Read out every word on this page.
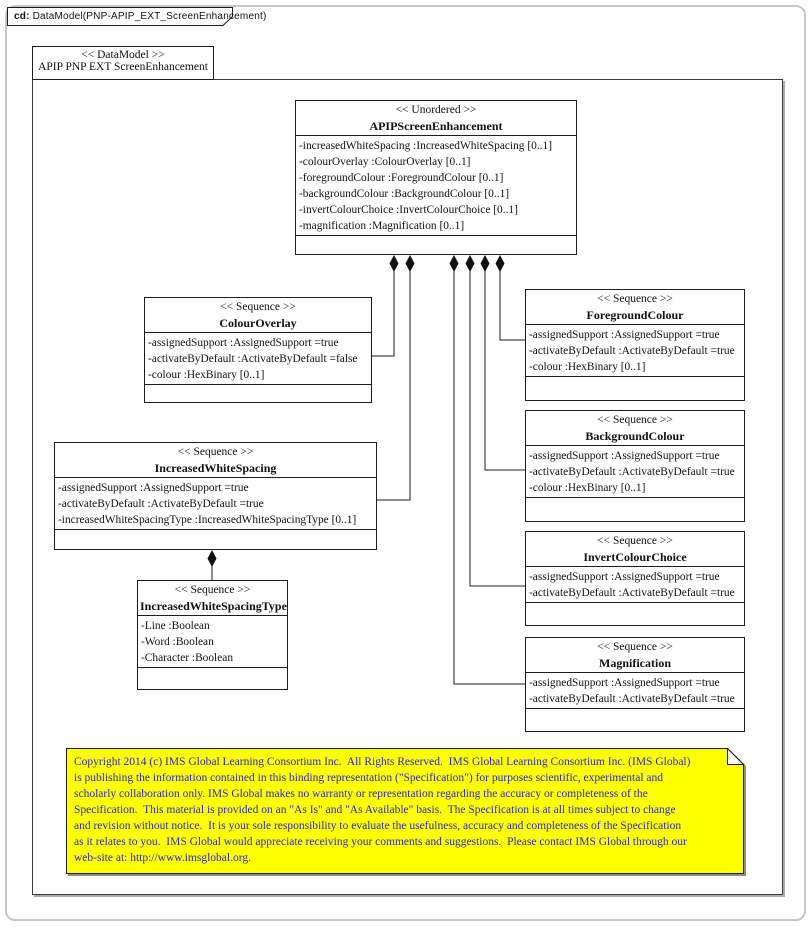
cd: DataModel(PNP-APIP_EXT_ScreenEnhancement)
<< DataModel >>
APIP PNP EXT ScreenEnhancement
<< Unordered >>
APIPScreenEnhancement
-increasedWhiteSpacing :IncreasedWhiteSpacing [0..1]
-colourOverlay :ColourOverlay [0..1]
-foregroundColour :ForegroundColour [0..1]
-backgroundColour :BackgroundColour [0..1]
-invertColourChoice :InvertColourChoice [0..1]
-magnification :Magnification [0..1]
<< Sequence >>
ColourOverlay
-assignedSupport :AssignedSupport =true
-activateByDefault :ActivateByDefault =false
-colour :HexBinary [0..1]
<< Sequence >>
ForegroundColour
-assignedSupport :AssignedSupport =true
-activateByDefault :ActivateByDefault =true
-colour :HexBinary [0..1]
<< Sequence >>
BackgroundColour
-assignedSupport :AssignedSupport =true
-activateByDefault :ActivateByDefault =true
-colour :HexBinary [0..1]
<< Sequence >>
IncreasedWhiteSpacing
-assignedSupport :AssignedSupport =true
-activateByDefault :ActivateByDefault =true
-increasedWhiteSpacingType :IncreasedWhiteSpacingType [0..1]
<< Sequence >>
InvertColourChoice
-assignedSupport :AssignedSupport =true
-activateByDefault :ActivateByDefault =true
<< Sequence >>
IncreasedWhiteSpacingType
-Line :Boolean
-Word :Boolean
-Character :Boolean
<< Sequence >>
Magnification
-assignedSupport :AssignedSupport =true
-activateByDefault :ActivateByDefault =true
Copyright 2014 (c) IMS Global Learning Consortium Inc.  All Rights Reserved.  IMS Global Learning Consortium Inc. (IMS Global)
is publishing the information contained in this binding representation ("Specification") for purposes scientific, experimental and
scholarly collaboration only. IMS Global makes no warranty or representation regarding the accuracy or completeness of the
Specification.  This material is provided on an "As Is" and "As Available" basis.  The Specification is at all times subject to change
and revision without notice.  It is your sole responsibility to evaluate the usefulness, accuracy and completeness of the Specification
as it relates to you.  IMS Global would appreciate receiving your comments and suggestions.  Please contact IMS Global through our
web-site at: http://www.imsglobal.org.
